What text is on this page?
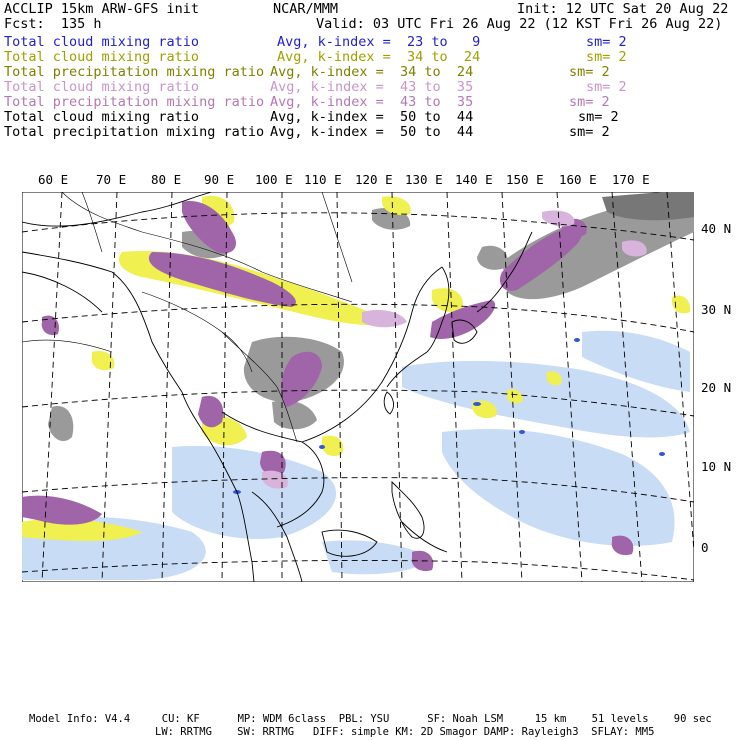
ACCLIP 15km ARW-GFS init	NCAR/MMM	Init: 12 UTC Sat 20 Aug 22
Fcst:  135 h	Valid: 03 UTC Fri 26 Aug 22 (12 KST Fri 26 Aug 22)
Total cloud mixing ratio	Avg, k-index =  23 to   9	sm= 2
Total cloud mixing ratio	Avg, k-index =  34 to  24	sm= 2
Total precipitation mixing ratio Avg, k-index =  34 to  24	sm= 2
Total cloud mixing ratio	Avg, k-index =  43 to  35	sm= 2
Total precipitation mixing ratio Avg, k-index =  43 to  35	sm= 2
Total cloud mixing ratio	Avg, k-index =  50 to  44	sm= 2
Total precipitation mixing ratio Avg, k-index =  50 to  44	sm= 2
60 E 70 E 80 E 90 E 100 E 110 E 120 E 130 E 140 E 150 E 160 E 170 E
40 N
30 N
20 N
10 N
0
Model Info: V4.4     CU: KF      MP: WDM 6class  PBL: YSU      SF: Noah LSM     15 km    51 levels    90 sec
LW: RRTMG    SW: RRTMG   DIFF: simple KM: 2D Smagor DAMP: Rayleigh3  SFLAY: MM5
